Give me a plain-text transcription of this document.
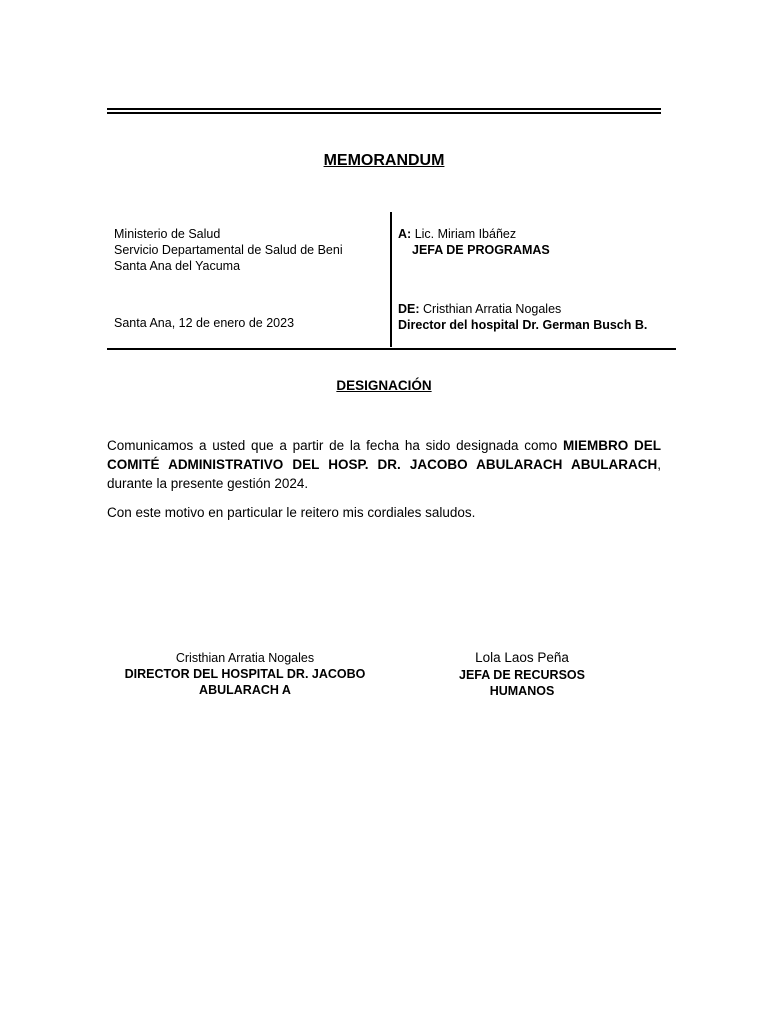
MEMORANDUM
Ministerio de Salud
Servicio Departamental de Salud de Beni
Santa Ana del Yacuma
Santa Ana, 12 de enero de 2023
A: Lic. Miriam Ibáñez
JEFA DE PROGRAMAS
DE: Cristhian Arratia Nogales
Director del hospital Dr. German Busch B.
DESIGNACIÓN
Comunicamos a usted que a partir de la fecha ha sido designada como MIEMBRO DEL COMITÉ ADMINISTRATIVO DEL HOSP. DR. JACOBO ABULARACH ABULARACH, durante la presente gestión 2024.
Con este motivo en particular le reitero mis cordiales saludos.
Cristhian Arratia Nogales
DIRECTOR DEL HOSPITAL DR. JACOBO ABULARACH A
Lola Laos Peña
JEFA DE RECURSOS HUMANOS
